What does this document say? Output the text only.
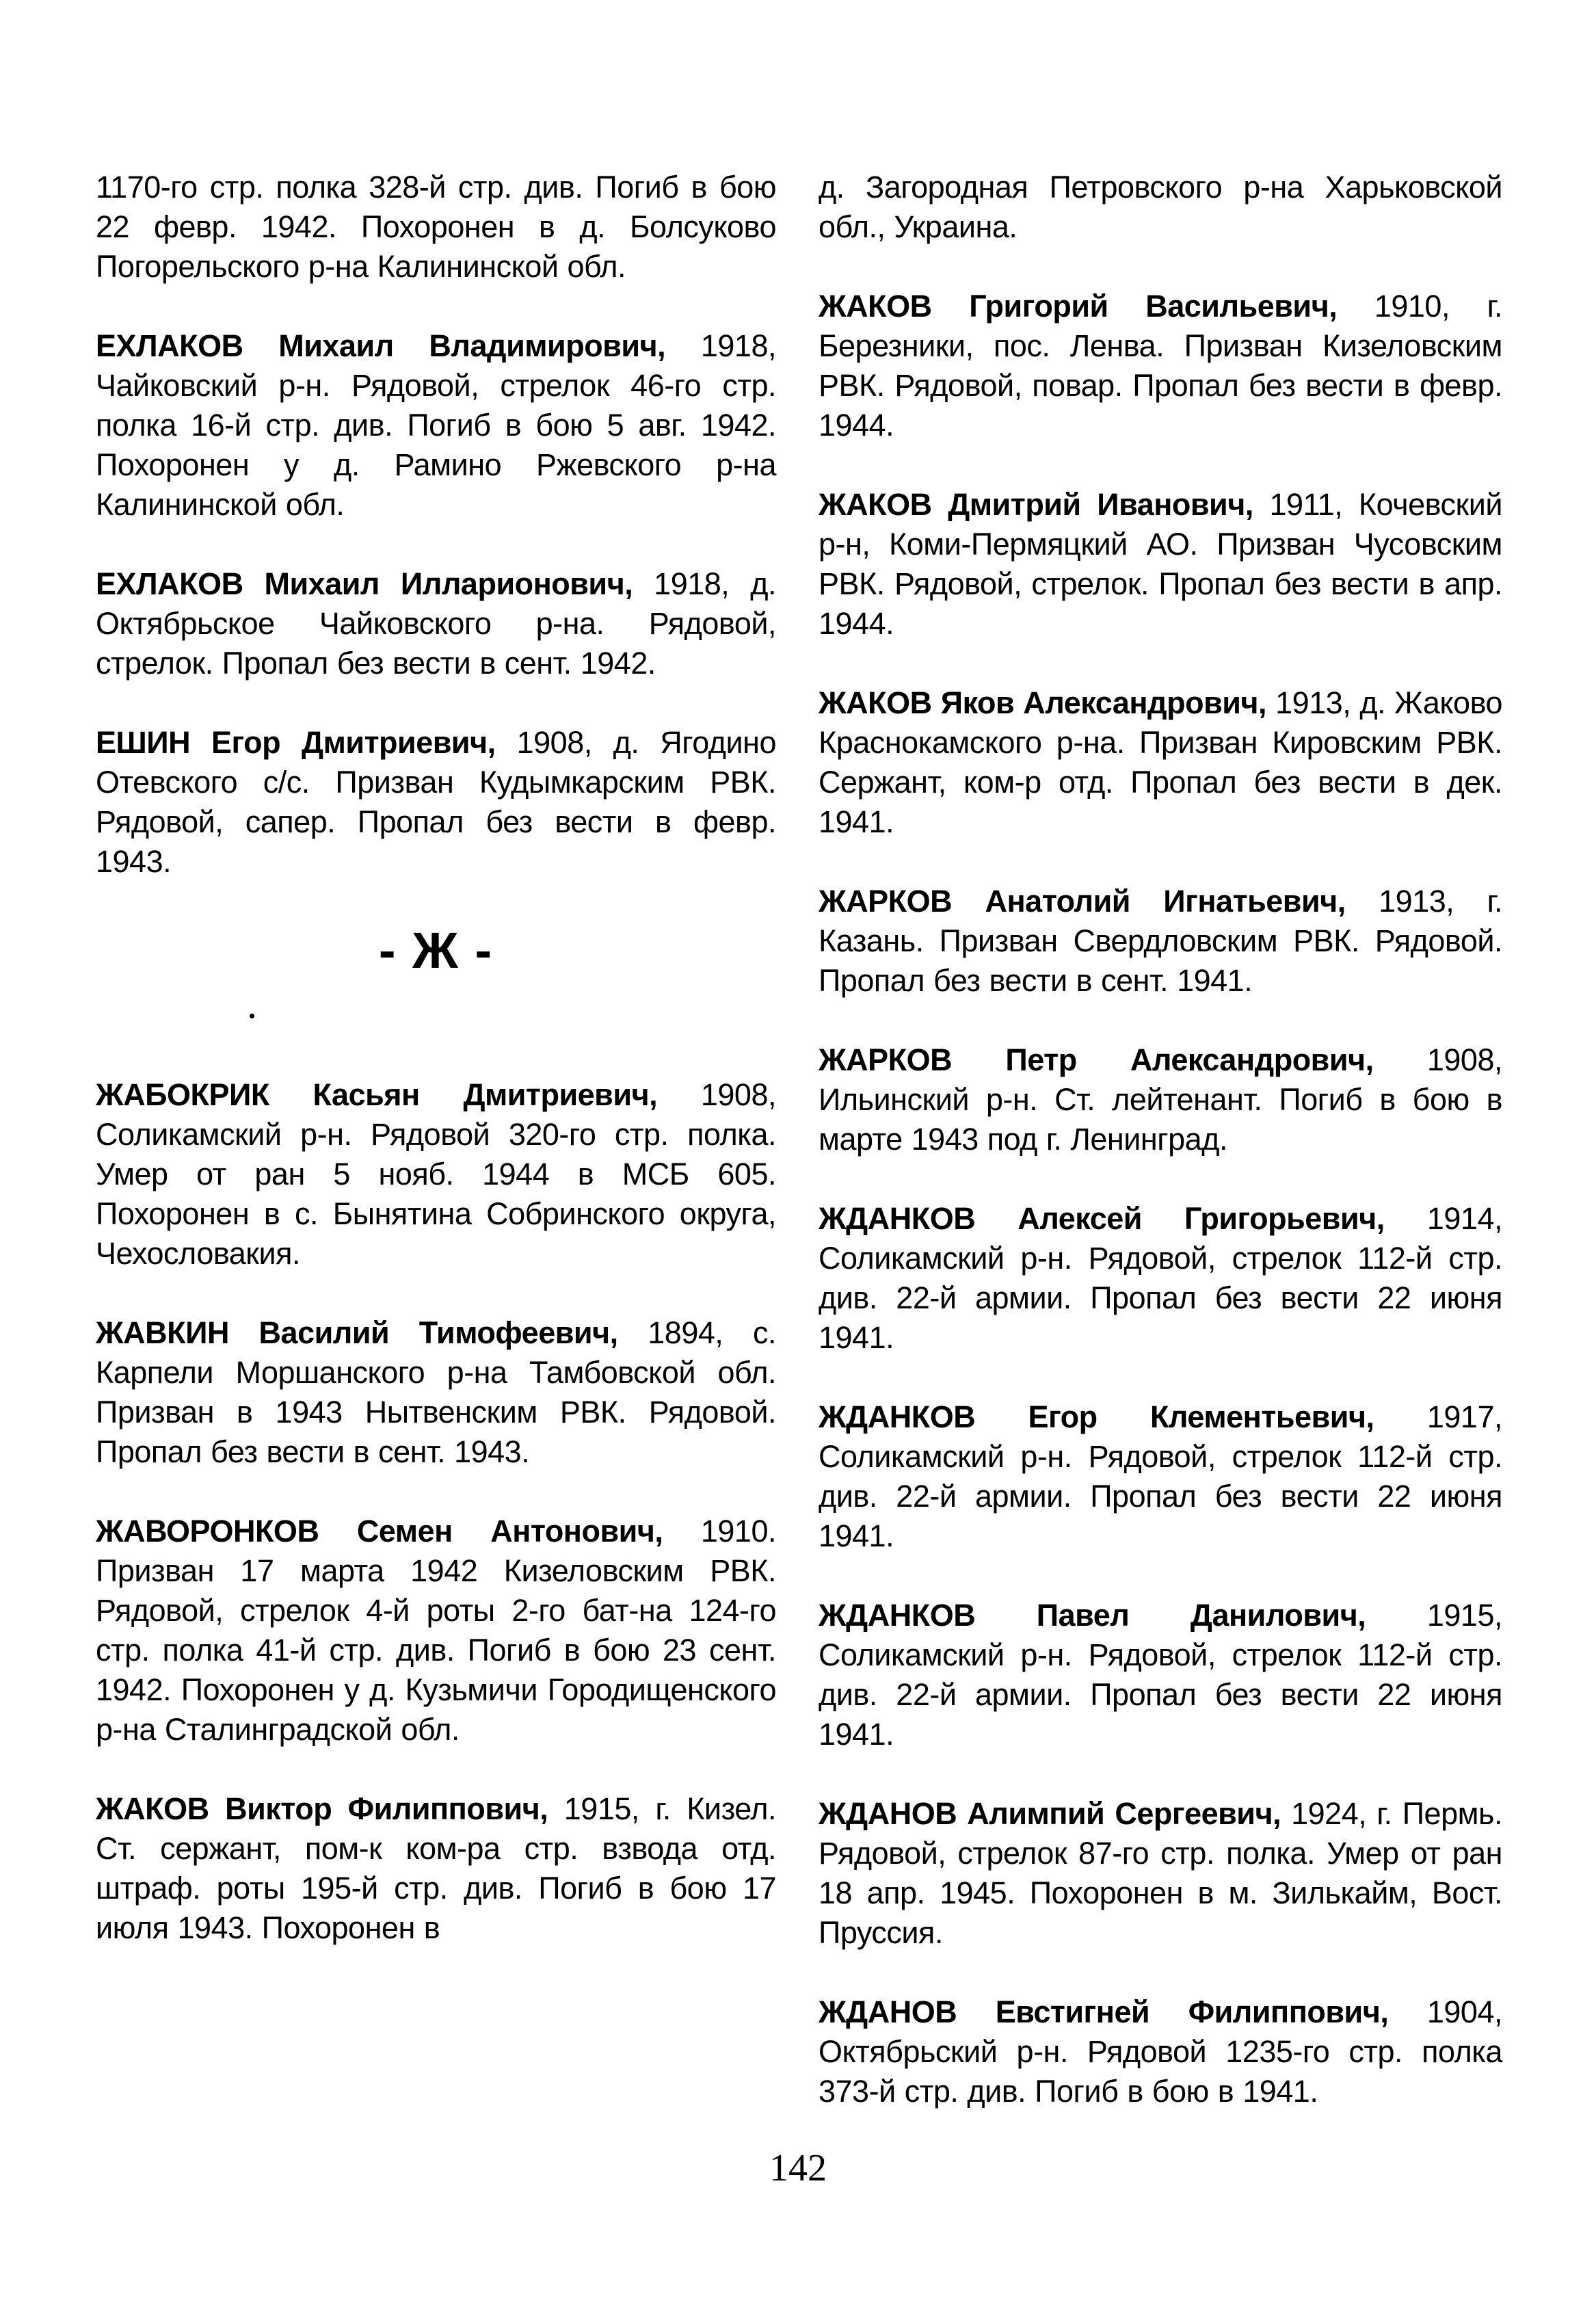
1170-го стр. полка 328-й стр. див. Погиб в бою 22 февр. 1942. Похоронен в д. Болсуково Погорельского р-на Калининской обл.

ЕХЛАКОВ Михаил Владимирович, 1918, Чайковский р-н. Рядовой, стрелок 46-го стр. полка 16-й стр. див. Погиб в бою 5 авг. 1942. Похоронен у д. Рамино Ржевского р-на Калининской обл.

ЕХЛАКОВ Михаил Илларионович, 1918, д. Октябрьское Чайковского р-на. Рядовой, стрелок. Пропал без вести в сент. 1942.

ЕШИН Егор Дмитриевич, 1908, д. Ягодино Отевского с/с. Призван Кудымкарским РВК. Рядовой, сапер. Пропал без вести в февр. 1943.

- Ж -

ЖАБОКРИК Касьян Дмитриевич, 1908, Соликамский р-н. Рядовой 320-го стр. полка. Умер от ран 5 нояб. 1944 в МСБ 605. Похоронен в с. Бынятина Собринского округа, Чехословакия.

ЖАВКИН Василий Тимофеевич, 1894, с. Карпели Моршанского р-на Тамбовской обл. Призван в 1943 Нытвенским РВК. Рядовой. Пропал без вести в сент. 1943.

ЖАВОРОНКОВ Семен Антонович, 1910. Призван 17 марта 1942 Кизеловским РВК. Рядовой, стрелок 4-й роты 2-го бат-на 124-го стр. полка 41-й стр. див. Погиб в бою 23 сент. 1942. Похоронен у д. Кузьмичи Городищенского р-на Сталинградской обл.

ЖАКОВ Виктор Филиппович, 1915, г. Кизел. Ст. сержант, пом-к ком-ра стр. взвода отд. штраф. роты 195-й стр. див. Погиб в бою 17 июля 1943. Похоронен в

д. Загородная Петровского р-на Харьковской обл., Украина.

ЖАКОВ Григорий Васильевич, 1910, г. Березники, пос. Ленва. Призван Кизеловским РВК. Рядовой, повар. Пропал без вести в февр. 1944.

ЖАКОВ Дмитрий Иванович, 1911, Кочевский р-н, Коми-Пермяцкий АО. Призван Чусовским РВК. Рядовой, стрелок. Пропал без вести в апр. 1944.

ЖАКОВ Яков Александрович, 1913, д. Жаково Краснокамского р-на. Призван Кировским РВК. Сержант, ком-р отд. Пропал без вести в дек. 1941.

ЖАРКОВ Анатолий Игнатьевич, 1913, г. Казань. Призван Свердловским РВК. Рядовой. Пропал без вести в сент. 1941.

ЖАРКОВ Петр Александрович, 1908, Ильинский р-н. Ст. лейтенант. Погиб в бою в марте 1943 под г. Ленинград.

ЖДАНКОВ Алексей Григорьевич, 1914, Соликамский р-н. Рядовой, стрелок 112-й стр. див. 22-й армии. Пропал без вести 22 июня 1941.

ЖДАНКОВ Егор Клементьевич, 1917, Соликамский р-н. Рядовой, стрелок 112-й стр. див. 22-й армии. Пропал без вести 22 июня 1941.

ЖДАНКОВ Павел Данилович, 1915, Соликамский р-н. Рядовой, стрелок 112-й стр. див. 22-й армии. Пропал без вести 22 июня 1941.

ЖДАНОВ Алимпий Сергеевич, 1924, г. Пермь. Рядовой, стрелок 87-го стр. полка. Умер от ран 18 апр. 1945. Похоронен в м. Зилькайм, Вост. Пруссия.

ЖДАНОВ Евстигней Филиппович, 1904, Октябрьский р-н. Рядовой 1235-го стр. полка 373-й стр. див. Погиб в бою в 1941.

142
